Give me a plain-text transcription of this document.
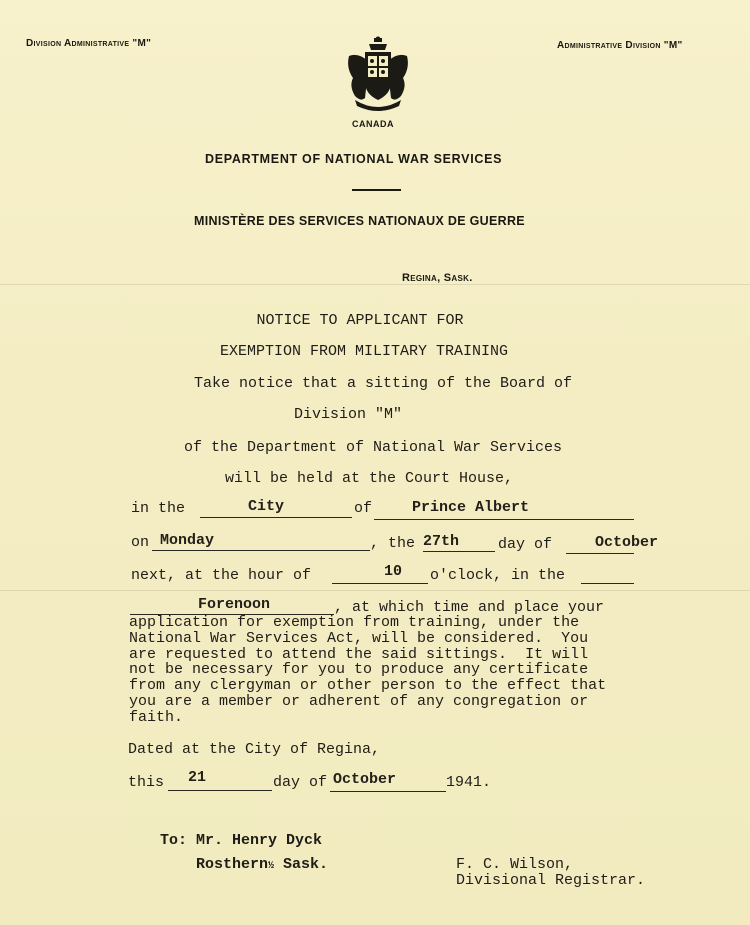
Division Administrative "M"	Administrative Division "M"
CANADA
DEPARTMENT OF NATIONAL WAR SERVICES
MINISTÈRE DES SERVICES NATIONAUX DE GUERRE
Regina, Sask.
NOTICE TO APPLICANT FOR
EXEMPTION FROM MILITARY TRAINING
Take notice that a sitting of the Board of
Division "M"
of the Department of National War Services
will be held at the Court House,
in the	City	of	Prince Albert
on Monday	, the 27th	day of	October
next, at the hour of	10 o'clock, in the
Forenoon	, at which time and place your
application for exemption from training, under the
National War Services Act, will be considered.  You
are requested to attend the said sittings.  It will
not be necessary for you to produce any certificate
from any clergyman or other person to the effect that
you are a member or adherent of any congregation or
faith.
Dated at the City of Regina,
this 21	day of October	1941.
To: Mr. Henry Dyck
Rosthern½ Sask.	F. C. Wilson,
Divisional Registrar.
